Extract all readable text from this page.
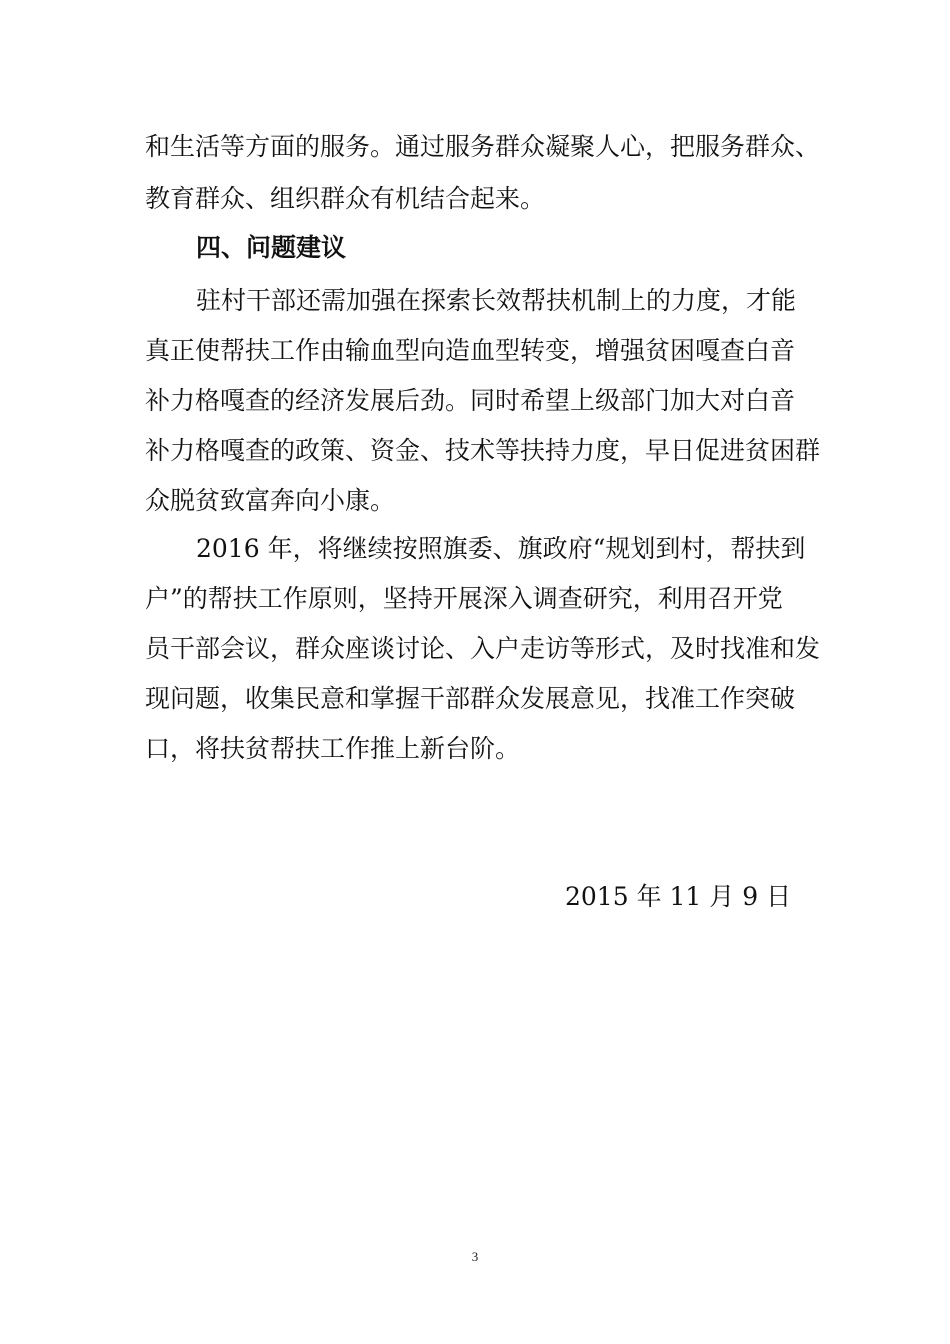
和生活等方面的服务。通过服务群众凝聚人心，把服务群众、
教育群众、组织群众有机结合起来。
四、问题建议
驻村干部还需加强在探索长效帮扶机制上的力度，才能
真正使帮扶工作由输血型向造血型转变，增强贫困嘎查白音
补力格嘎查的经济发展后劲。同时希望上级部门加大对白音
补力格嘎查的政策、资金、技术等扶持力度，早日促进贫困群
众脱贫致富奔向小康。
2016 年，将继续按照旗委、旗政府“规划到村，帮扶到
户”的帮扶工作原则，坚持开展深入调查研究，利用召开党
员干部会议，群众座谈讨论、入户走访等形式，及时找准和发
现问题，收集民意和掌握干部群众发展意见，找准工作突破
口，将扶贫帮扶工作推上新台阶。
2015 年 11 月 9 日
3
